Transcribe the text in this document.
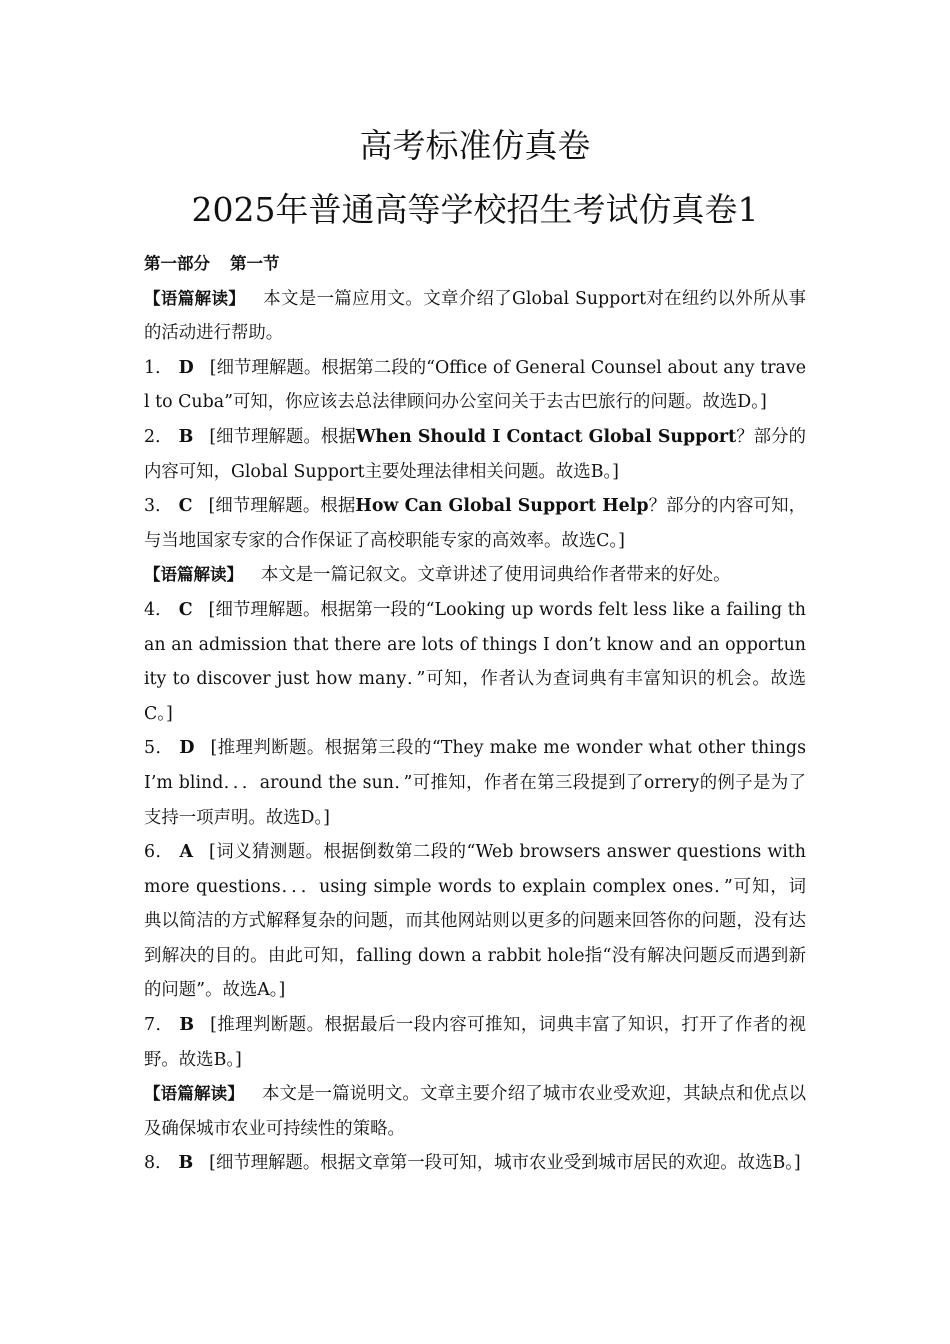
高考标准仿真卷
2025年普通高等学校招生考试仿真卷1

第一部分 第一节

【语篇解读】 本文是一篇应用文。文章介绍了Global Support对在纽约以外所从事的活动进行帮助。

1． D [细节理解题。根据第二段的“Office of General Counsel about any travel to Cuba”可知，你应该去总法律顾问办公室问关于去古巴旅行的问题。故选D。]

2． B [细节理解题。根据When Should I Contact Global Support？部分的内容可知，Global Support主要处理法律相关问题。故选B。]

3． C [细节理解题。根据How Can Global Support Help？部分的内容可知，与当地国家专家的合作保证了高校职能专家的高效率。故选C。]

【语篇解读】 本文是一篇记叙文。文章讲述了使用词典给作者带来的好处。

4． C [细节理解题。根据第一段的“Looking up words felt less like a failing than an admission that there are lots of things I don’t know and an opportunity to discover just how many．”可知，作者认为查词典有丰富知识的机会。故选C。]

5． D [推理判断题。根据第三段的“They make me wonder what other things I’m blind．．．around the sun．”可推知，作者在第三段提到了orrery的例子是为了支持一项声明。故选D。]

6． A [词义猜测题。根据倒数第二段的“Web browsers answer questions with more questions．．．using simple words to explain complex ones．”可知，词典以简洁的方式解释复杂的问题，而其他网站则以更多的问题来回答你的问题，没有达到解决的目的。由此可知，falling down a rabbit hole指“没有解决问题反而遇到新的问题”。故选A。]

7． B [推理判断题。根据最后一段内容可推知，词典丰富了知识，打开了作者的视野。故选B。]

【语篇解读】 本文是一篇说明文。文章主要介绍了城市农业受欢迎，其缺点和优点以及确保城市农业可持续性的策略。

8． B [细节理解题。根据文章第一段可知，城市农业受到城市居民的欢迎。故选B。]
